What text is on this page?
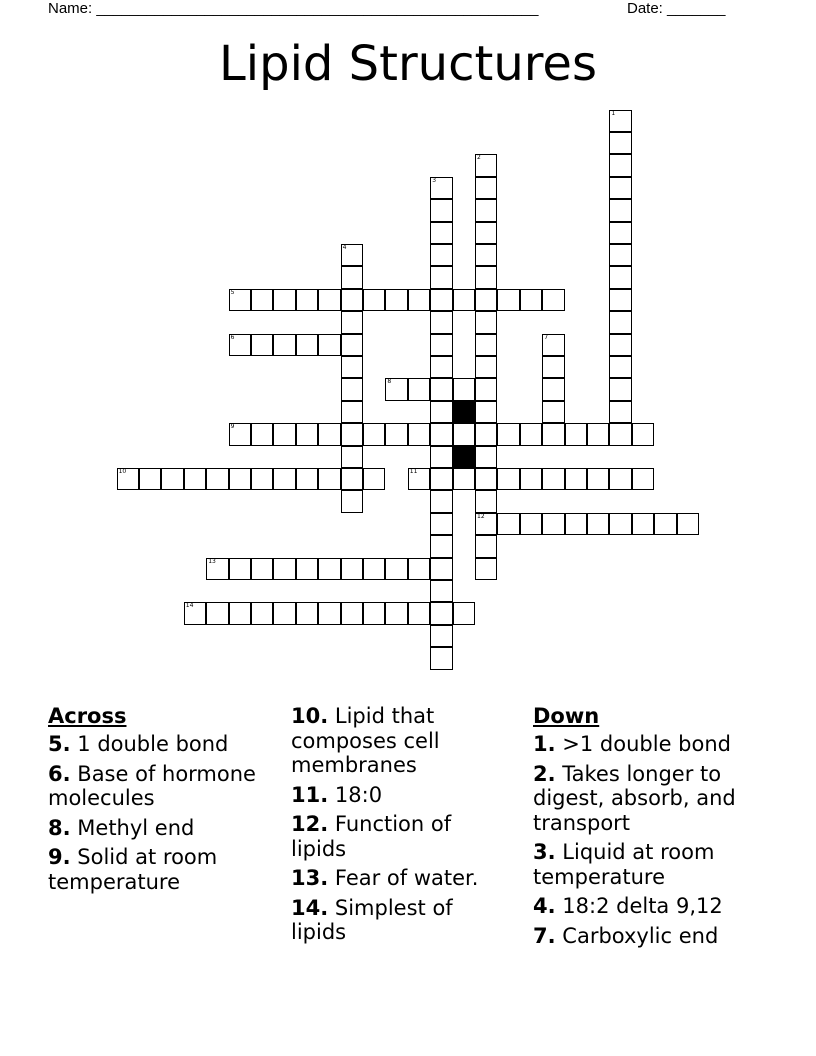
Name: _____________________________________________________	Date: _______
Lipid Structures
5
6
8
9
10	11
12
13
14
1
2
3
4
7
Across
5. 1 double bond
6. Base of hormone molecules
8. Methyl end
9. Solid at room temperature
10. Lipid that composes cell membranes
11. 18:0
12. Function of lipids
13. Fear of water.
14. Simplest of lipids
Down
1. >1 double bond
2. Takes longer to digest, absorb, and transport
3. Liquid at room temperature
4. 18:2 delta 9,12
7. Carboxylic end
